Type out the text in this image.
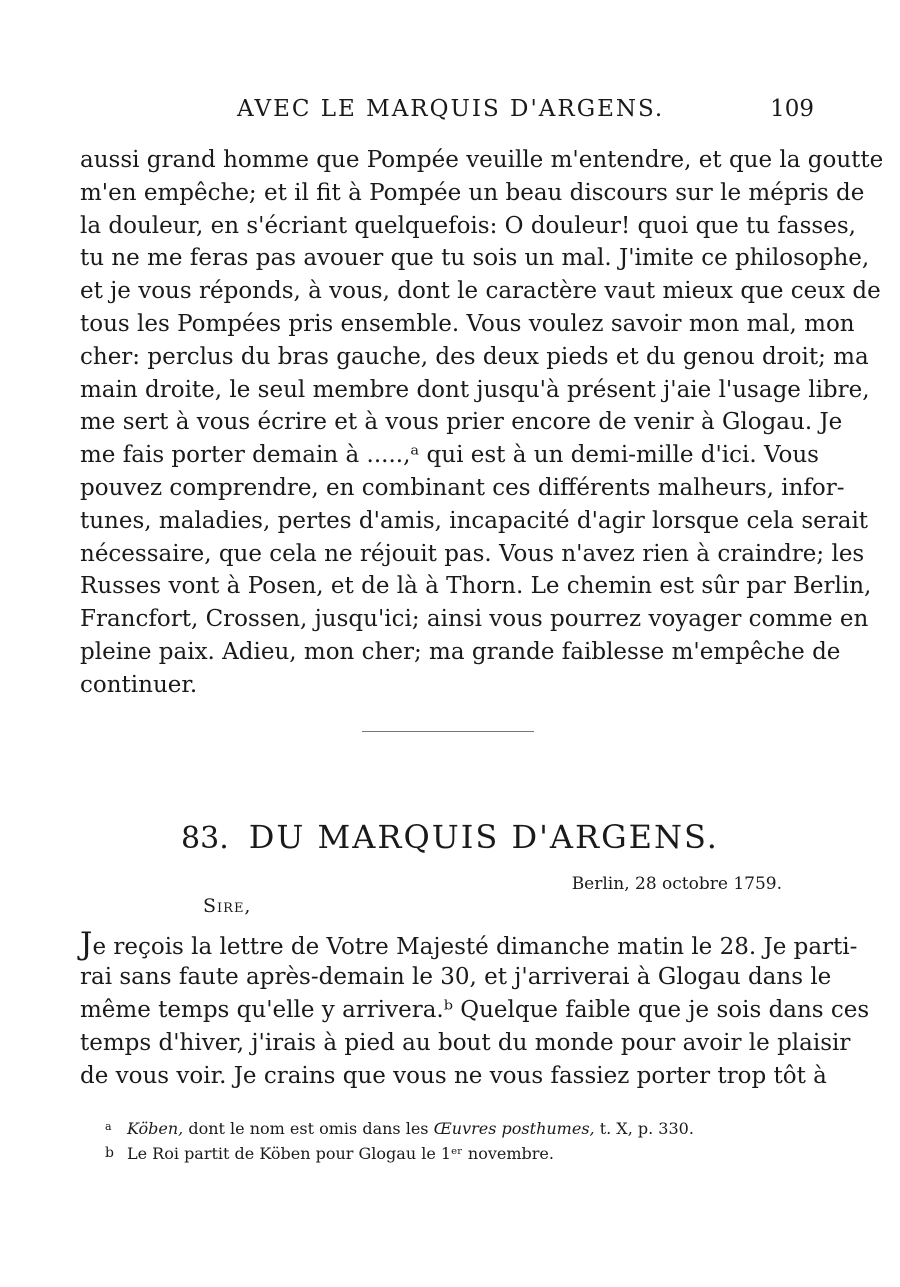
AVEC LE MARQUIS D'ARGENS.	109
aussi grand homme que Pompée veuille m'entendre, et que la goutte
m'en empêche; et il fit à Pompée un beau discours sur le mépris de
la douleur, en s'écriant quelquefois: O douleur! quoi que tu fasses,
tu ne me feras pas avouer que tu sois un mal. J'imite ce philosophe,
et je vous réponds, à vous, dont le caractère vaut mieux que ceux de
tous les Pompées pris ensemble. Vous voulez savoir mon mal, mon
cher: perclus du bras gauche, des deux pieds et du genou droit; ma
main droite, le seul membre dont jusqu'à présent j'aie l'usage libre,
me sert à vous écrire et à vous prier encore de venir à Glogau. Je
me fais porter demain à .....,ᵃ qui est à un demi-mille d'ici. Vous
pouvez comprendre, en combinant ces différents malheurs, infor-
tunes, maladies, pertes d'amis, incapacité d'agir lorsque cela serait
nécessaire, que cela ne réjouit pas. Vous n'avez rien à craindre; les
Russes vont à Posen, et de là à Thorn. Le chemin est sûr par Berlin,
Francfort, Crossen, jusqu'ici; ainsi vous pourrez voyager comme en
pleine paix. Adieu, mon cher; ma grande faiblesse m'empêche de
continuer.
83. DU MARQUIS D'ARGENS.
Berlin, 28 octobre 1759.
Sire,
Je reçois la lettre de Votre Majesté dimanche matin le 28. Je parti-
rai sans faute après-demain le 30, et j'arriverai à Glogau dans le
même temps qu'elle y arrivera.ᵇ Quelque faible que je sois dans ces
temps d'hiver, j'irais à pied au bout du monde pour avoir le plaisir
de vous voir. Je crains que vous ne vous fassiez porter trop tôt à
a Köben, dont le nom est omis dans les Œuvres posthumes, t. X, p. 330.
b Le Roi partit de Köben pour Glogau le 1ᵉʳ novembre.
